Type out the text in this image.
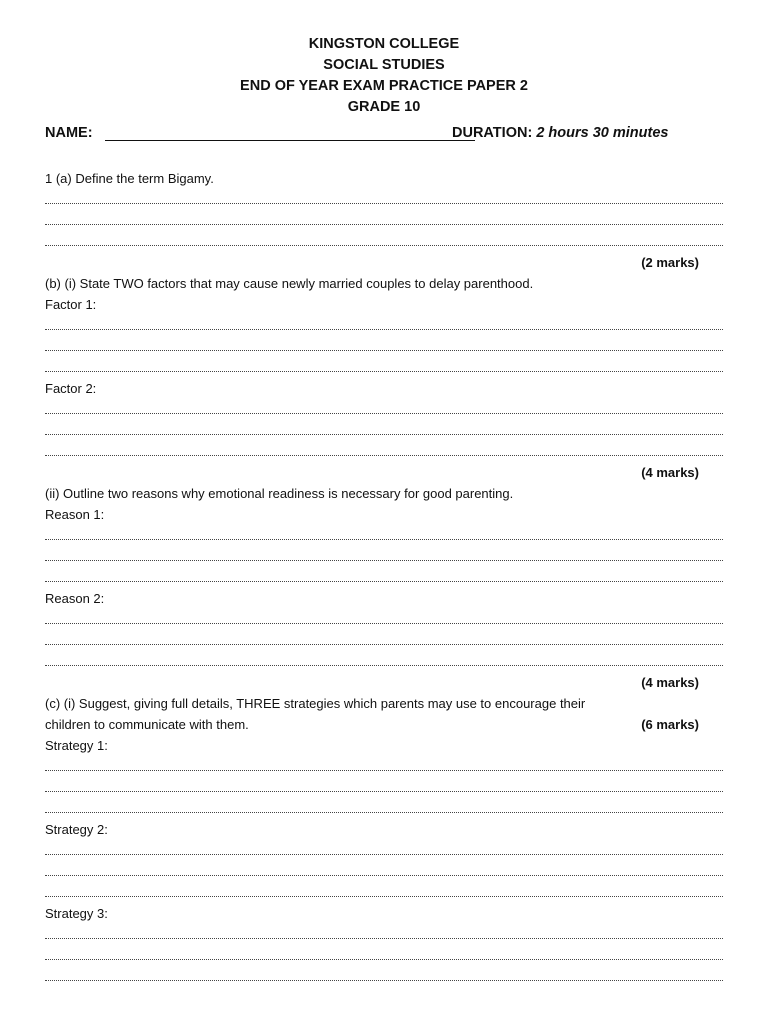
KINGSTON COLLEGE
SOCIAL STUDIES
END OF YEAR EXAM PRACTICE PAPER 2
GRADE 10
NAME:	DURATION: 2 hours 30 minutes
1 (a) Define the term Bigamy.
(2 marks)
(b) (i) State TWO factors that may cause newly married couples to delay parenthood.
Factor 1:
Factor 2:
(4 marks)
(ii) Outline two reasons why emotional readiness is necessary for good parenting.
Reason 1:
Reason 2:
(4 marks)
(c) (i) Suggest, giving full details, THREE strategies which parents may use to encourage their
children to communicate with them.	(6 marks)
Strategy 1:
Strategy 2:
Strategy 3:
